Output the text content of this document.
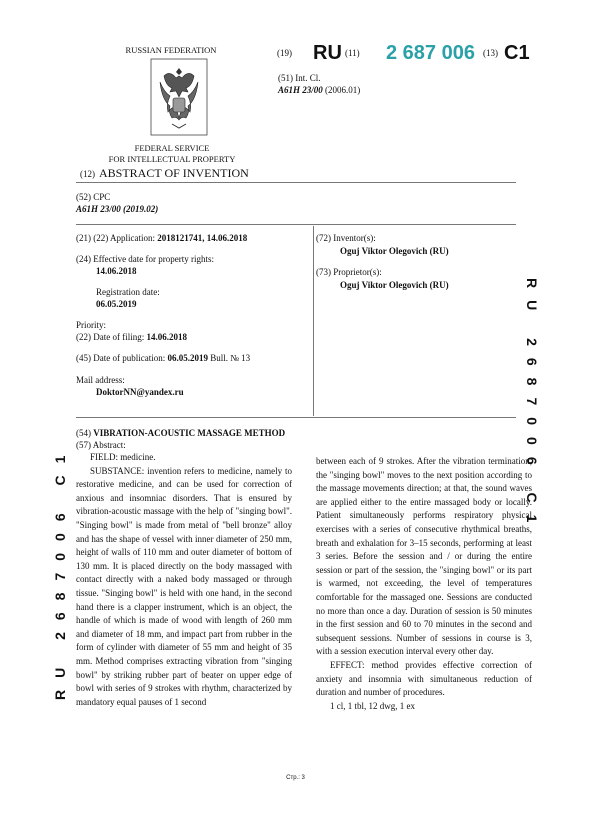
RUSSIAN FEDERATION
FEDERAL SERVICE
FOR INTELLECTUAL PROPERTY
(19) RU (11) 2 687 006 (13) C1
(51) Int. Cl.
A61H 23/00 (2006.01)
(12) ABSTRACT OF INVENTION
(52) CPC
A61H 23/00 (2019.02)
(21) (22) Application: 2018121741, 14.06.2018
(24) Effective date for property rights:
14.06.2018
Registration date:
06.05.2019
Priority:
(22) Date of filing: 14.06.2018
(45) Date of publication: 06.05.2019 Bull. № 13
Mail address:
DoktorNN@yandex.ru
(72) Inventor(s):
Oguj Viktor Olegovich (RU)
(73) Proprietor(s):
Oguj Viktor Olegovich (RU)
(54) VIBRATION-ACOUSTIC MASSAGE METHOD
(57) Abstract:

FIELD: medicine.

SUBSTANCE: invention refers to medicine, namely to restorative medicine, and can be used for correction of anxious and insomniac disorders. That is ensured by vibration-acoustic massage with the help of "singing bowl". "Singing bowl" is made from metal of "bell bronze" alloy and has the shape of vessel with inner diameter of 250 mm, height of walls of 110 mm and outer diameter of bottom of 130 mm. It is placed directly on the body massaged with contact directly with a naked body massaged or through tissue. "Singing bowl" is held with one hand, in the second hand there is a clapper instrument, which is an object, the handle of which is made of wood with length of 260 mm and diameter of 18 mm, and impact part from rubber in the form of cylinder with diameter of 55 mm and height of 35 mm. Method comprises extracting vibration from "singing bowl" by striking rubber part of beater on upper edge of bowl with series of 9 strokes with rhythm, characterized by mandatory equal pauses of 1 second

between each of 9 strokes. After the vibration termination, the "singing bowl" moves to the next position according to the massage movements direction; at that, the sound waves are applied either to the entire massaged body or locally. Patient simultaneously performs respiratory physical exercises with a series of consecutive rhythmical breaths, breath and exhalation for 3–15 seconds, performing at least 3 series. Before the session and / or during the entire session or part of the session, the "singing bowl" or its part is warmed, not exceeding, the level of temperatures comfortable for the massaged one. Sessions are conducted no more than once a day. Duration of session is 50 minutes in the first session and 60 to 70 minutes in the second and subsequent sessions. Number of sessions in course is 3, with a session execution interval every other day.

EFFECT: method provides effective correction of anxiety and insomnia with simultaneous reduction of duration and number of procedures.

1 cl, 1 tbl, 12 dwg, 1 ex

RU 2687006 C1
RU 2687006 C1
Стр.: 3
